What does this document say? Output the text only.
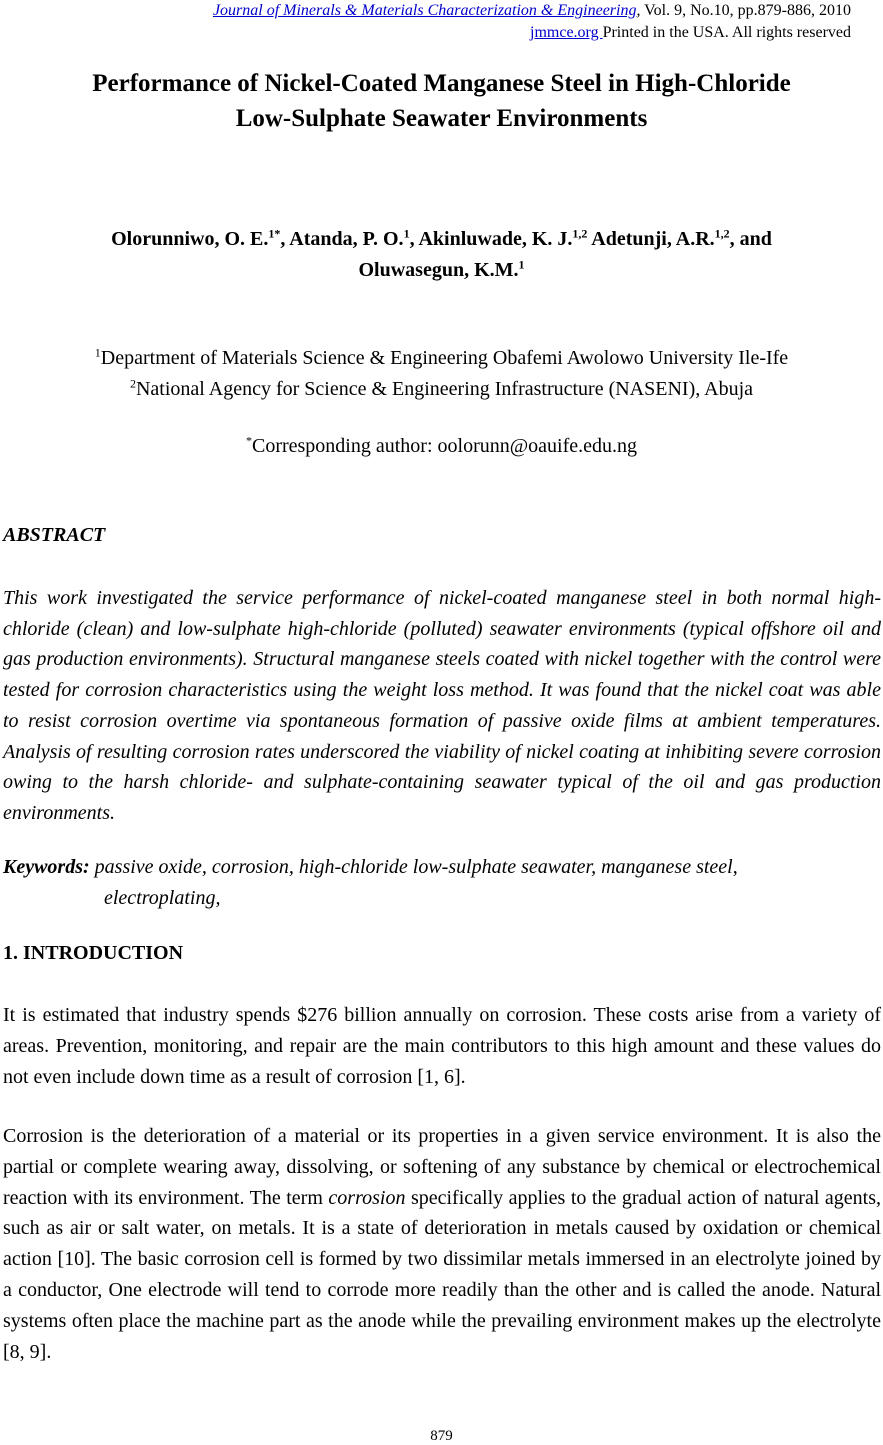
Journal of Minerals & Materials Characterization & Engineering, Vol. 9, No.10, pp.879-886, 2010
jmmce.org Printed in the USA. All rights reserved
Performance of Nickel-Coated Manganese Steel in High-Chloride
Low-Sulphate Seawater Environments
Olorunniwo, O. E.$^{1*}$, Atanda, P. O.$^1$, Akinluwade, K. J.$^{1,2}$ Adetunji, A.R.$^{1,2}$, and
Oluwasegun, K.M.$^1$
$^1$Department of Materials Science & Engineering Obafemi Awolowo University Ile-Ife
$^2$National Agency for Science & Engineering Infrastructure (NASENI), Abuja
*Corresponding author: oolorunn@oauife.edu.ng
ABSTRACT

This work investigated the service performance of nickel-coated manganese steel in both normal high-chloride (clean) and low-sulphate high-chloride (polluted) seawater environments (typical offshore oil and gas production environments). Structural manganese steels coated with nickel together with the control were tested for corrosion characteristics using the weight loss method. It was found that the nickel coat was able to resist corrosion overtime via spontaneous formation of passive oxide films at ambient temperatures. Analysis of resulting corrosion rates underscored the viability of nickel coating at inhibiting severe corrosion owing to the harsh chloride- and sulphate-containing seawater typical of the oil and gas production environments.

Keywords: passive oxide, corrosion, high-chloride low-sulphate seawater, manganese steel,
electroplating,
1. INTRODUCTION

It is estimated that industry spends $276 billion annually on corrosion. These costs arise from a variety of areas. Prevention, monitoring, and repair are the main contributors to this high amount and these values do not even include down time as a result of corrosion [1, 6].

Corrosion is the deterioration of a material or its properties in a given service environment. It is also the partial or complete wearing away, dissolving, or softening of any substance by chemical or electrochemical reaction with its environment. The term corrosion specifically applies to the gradual action of natural agents, such as air or salt water, on metals. It is a state of deterioration in metals caused by oxidation or chemical action [10]. The basic corrosion cell is formed by two dissimilar metals immersed in an electrolyte joined by a conductor, One electrode will tend to corrode more readily than the other and is called the anode. Natural systems often place the machine part as the anode while the prevailing environment makes up the electrolyte [8, 9].

879
